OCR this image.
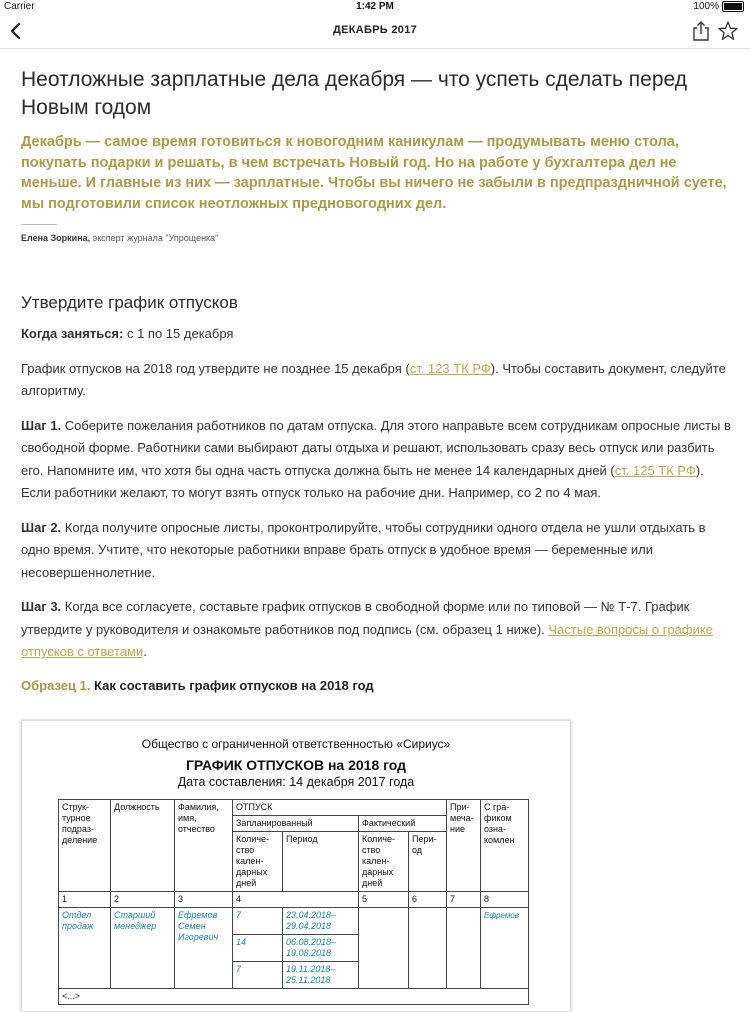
Carrier	1:42 PM	100%
ДЕКАБРЬ 2017
Неотложные зарплатные дела декабря — что успеть сделать перед Новым годом
Декабрь — самое время готовиться к новогодним каникулам — продумывать меню стола, покупать подарки и решать, в чем встречать Новый год. Но на работе у бухгалтера дел не меньше. И главные из них — зарплатные. Чтобы вы ничего не забыли в предпраздничной суете, мы подготовили список неотложных предновогодних дел.
Елена Зоркина, эксперт журнала "Упрощенка"
Утвердите график отпусков

Когда заняться: с 1 по 15 декабря

График отпусков на 2018 год утвердите не позднее 15 декабря (ст. 123 ТК РФ). Чтобы составить документ, следуйте алгоритму.

Шаг 1. Соберите пожелания работников по датам отпуска. Для этого направьте всем сотрудникам опросные листы в свободной форме. Работники сами выбирают даты отдыха и решают, использовать сразу весь отпуск или разбить его. Напомните им, что хотя бы одна часть отпуска должна быть не менее 14 календарных дней (ст. 125 ТК РФ). Если работники желают, то могут взять отпуск только на рабочие дни. Например, со 2 по 4 мая.

Шаг 2. Когда получите опросные листы, проконтролируйте, чтобы сотрудники одного отдела не ушли отдыхать в одно время. Учтите, что некоторые работники вправе брать отпуск в удобное время — беременные или несовершеннолетние.

Шаг 3. Когда все согласуете, составьте график отпусков в свободной форме или по типовой — № Т-7. График утвердите у руководителя и ознакомьте работников под подпись (см. образец 1 ниже). Частые вопросы о графике отпусков с ответами.

Образец 1. Как составить график отпусков на 2018 год
Общество с ограниченной ответственностью «Сириус»
ГРАФИК ОТПУСКОВ на 2018 год
Дата составления: 14 декабря 2017 года
Струк-турное подраз-деление	Должность	Фамилия, имя, отчество	ОТПУСК				При-меча-ние	С гра-фиком озна-комлен
			Запланированный		Фактический			
			Количе-ство кален-дарных дней	Период	Количе-ство кален-дарных дней	Пери-од		
1	2	3	4		5	6	7	8
Отдел продаж	Старший менеджер	Ефремов Семен Игоревич	7	23.04.2018– 29.04.2018				Ефремов
			14	06.08.2018– 19.08.2018				
			7	19.11.2018– 25.11.2018				
<...>								
